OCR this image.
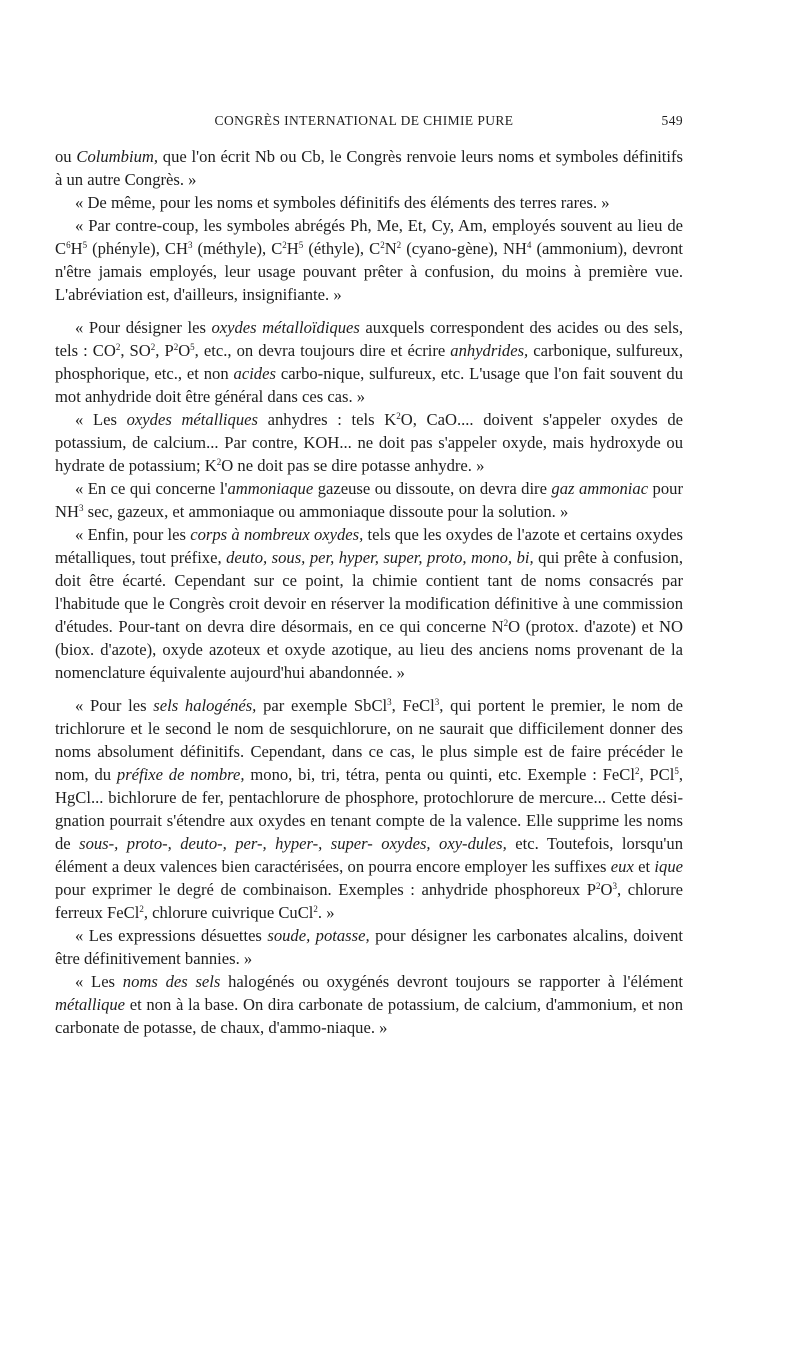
CONGRÈS INTERNATIONAL DE CHIMIE PURE	549

ou Columbium, que l'on écrit Nb ou Cb, le Congrès renvoie leurs noms et symboles définitifs à un autre Congrès. »

« De même, pour les noms et symboles définitifs des éléments des terres rares. »

« Par contre-coup, les symboles abrégés Ph, Me, Et, Cy, Am, employés souvent au lieu de $C^6H^5$ (phényle), $CH^3$ (méthyle), $C^2H^5$ (éthyle), $C^2N^2$ (cyano-gène), $NH^4$ (ammonium), devront n'être jamais employés, leur usage pouvant prêter à confusion, du moins à première vue. L'abréviation est, d'ailleurs, insignifiante. »

« Pour désigner les oxydes métalloïdiques auxquels correspondent des acides ou des sels, tels : $CO^2$, $SO^2$, $P^2O^5$, etc., on devra toujours dire et écrire anhydrides, carbonique, sulfureux, phosphorique, etc., et non acides carbo-nique, sulfureux, etc. L'usage que l'on fait souvent du mot anhydride doit être général dans ces cas. »

« Les oxydes métalliques anhydres : tels $K^2O$, CaO.... doivent s'appeler oxydes de potassium, de calcium... Par contre, KOH... ne doit pas s'appeler oxyde, mais hydroxyde ou hydrate de potassium; $K^2O$ ne doit pas se dire potasse anhydre. »

« En ce qui concerne l'ammoniaque gazeuse ou dissoute, on devra dire gaz ammoniac pour $NH^3$ sec, gazeux, et ammoniaque ou ammoniaque dissoute pour la solution. »

« Enfin, pour les corps à nombreux oxydes, tels que les oxydes de l'azote et certains oxydes métalliques, tout préfixe, deuto, sous, per, hyper, super, proto, mono, bi, qui prête à confusion, doit être écarté. Cependant sur ce point, la chimie contient tant de noms consacrés par l'habitude que le Congrès croit devoir en réserver la modification définitive à une commission d'études. Pour-tant on devra dire désormais, en ce qui concerne $N^2O$ (protox. d'azote) et NO (biox. d'azote), oxyde azoteux et oxyde azotique, au lieu des anciens noms provenant de la nomenclature équivalente aujourd'hui abandonnée. »

« Pour les sels halogénés, par exemple SbCl$^3$, FeCl$^3$, qui portent le premier, le nom de trichlorure et le second le nom de sesquichlorure, on ne saurait que difficilement donner des noms absolument définitifs. Cependant, dans ce cas, le plus simple est de faire précéder le nom, du préfixe de nombre, mono, bi, tri, tétra, penta ou quinti, etc. Exemple : FeCl$^2$, PCl$^5$, HgCl... bichlorure de fer, pentachlorure de phosphore, protochlorure de mercure... Cette dési-gnation pourrait s'étendre aux oxydes en tenant compte de la valence. Elle supprime les noms de sous-, proto-, deuto-, per-, hyper-, super- oxydes, oxy-dules, etc. Toutefois, lorsqu'un élément a deux valences bien caractérisées, on pourra encore employer les suffixes eux et ique pour exprimer le degré de combinaison. Exemples : anhydride phosphoreux $P^2O^3$, chlorure ferreux FeCl$^2$, chlorure cuivrique CuCl$^2$. »

« Les expressions désuettes soude, potasse, pour désigner les carbonates alcalins, doivent être définitivement bannies. »

« Les noms des sels halogénés ou oxygénés devront toujours se rapporter à l'élément métallique et non à la base. On dira carbonate de potassium, de calcium, d'ammonium, et non carbonate de potasse, de chaux, d'ammo-niaque. »
